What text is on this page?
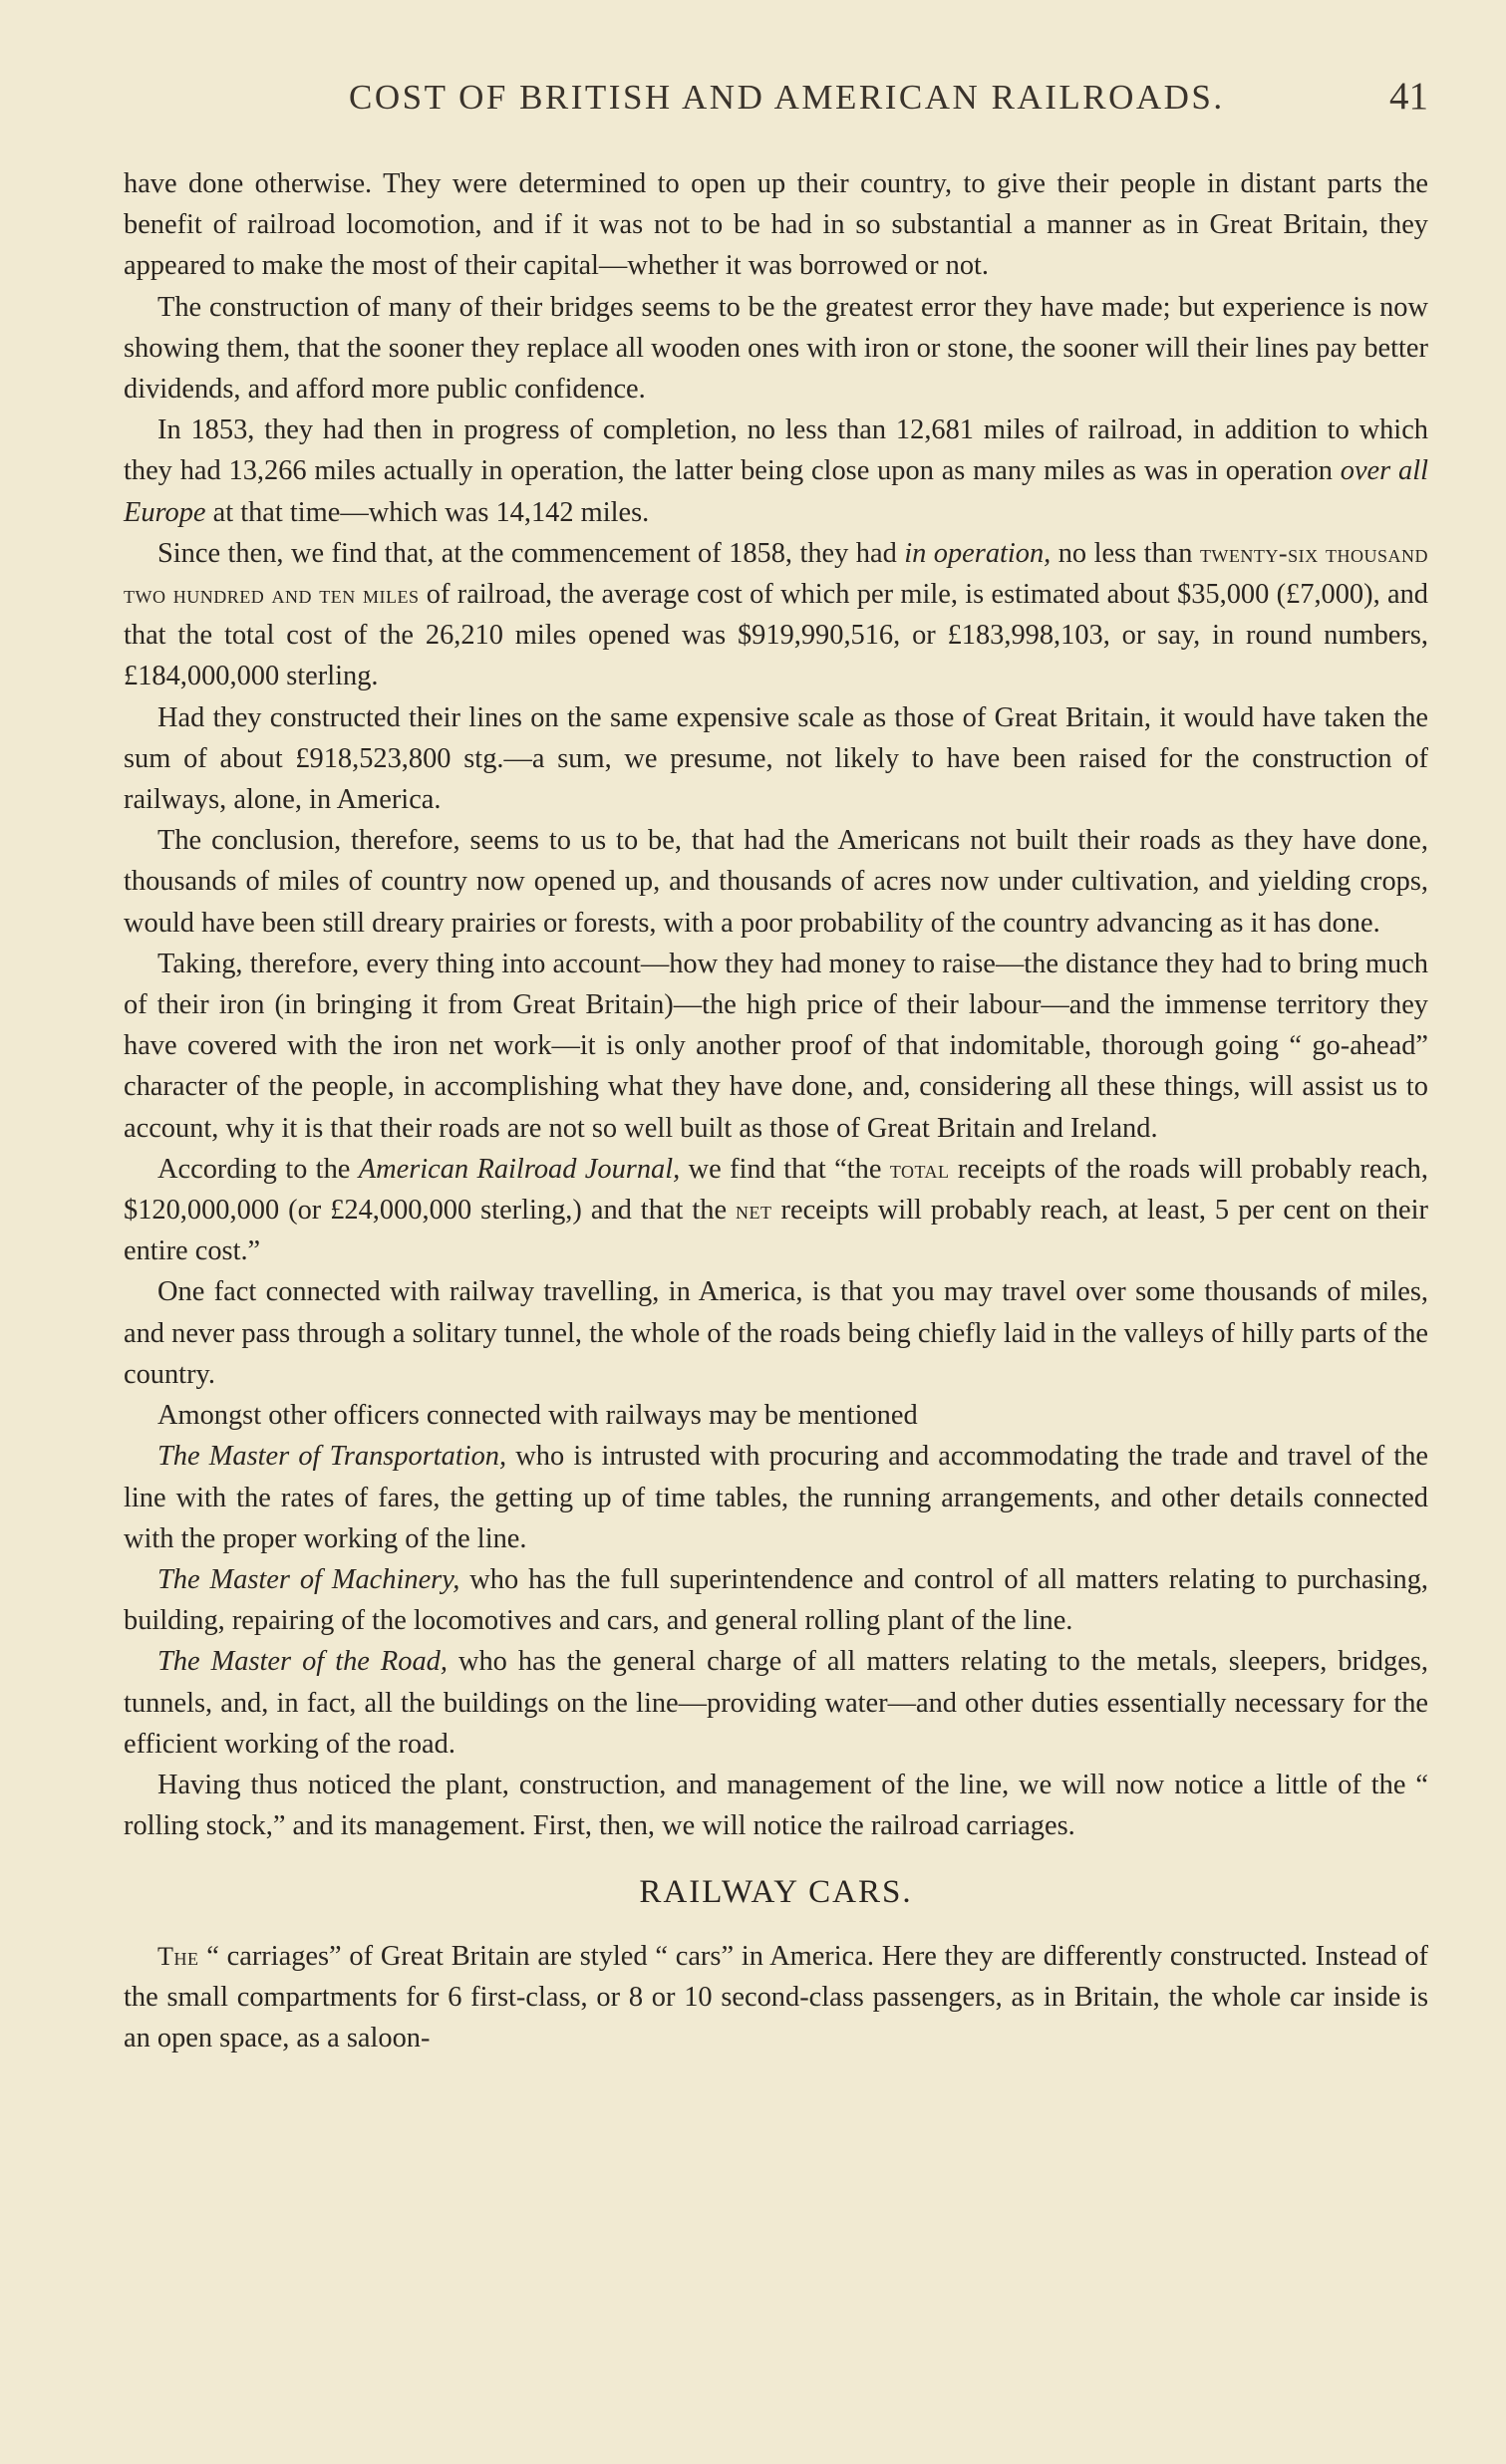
COST OF BRITISH AND AMERICAN RAILROADS.	41

have done otherwise. They were determined to open up their country, to give their people in distant parts the benefit of railroad locomotion, and if it was not to be had in so substantial a manner as in Great Britain, they appeared to make the most of their capital—whether it was borrowed or not.

The construction of many of their bridges seems to be the greatest error they have made; but experience is now showing them, that the sooner they replace all wooden ones with iron or stone, the sooner will their lines pay better dividends, and afford more public confidence.

In 1853, they had then in progress of completion, no less than 12,681 miles of railroad, in addition to which they had 13,266 miles actually in operation, the latter being close upon as many miles as was in operation over all Europe at that time—which was 14,142 miles.

Since then, we find that, at the commencement of 1858, they had in operation, no less than twenty-six thousand two hundred and ten miles of railroad, the average cost of which per mile, is estimated about $35,000 (£7,000), and that the total cost of the 26,210 miles opened was $919,990,516, or £183,998,103, or say, in round numbers, £184,000,000 sterling.

Had they constructed their lines on the same expensive scale as those of Great Britain, it would have taken the sum of about £918,523,800 stg.—a sum, we presume, not likely to have been raised for the construction of railways, alone, in America.

The conclusion, therefore, seems to us to be, that had the Americans not built their roads as they have done, thousands of miles of country now opened up, and thousands of acres now under cultivation, and yielding crops, would have been still dreary prairies or forests, with a poor probability of the country advancing as it has done.

Taking, therefore, every thing into account—how they had money to raise—the distance they had to bring much of their iron (in bringing it from Great Britain)—the high price of their labour—and the immense territory they have covered with the iron net work—it is only another proof of that indomitable, thorough going “ go-ahead” character of the people, in accomplishing what they have done, and, considering all these things, will assist us to account, why it is that their roads are not so well built as those of Great Britain and Ireland.

According to the American Railroad Journal, we find that “the total receipts of the roads will probably reach, $120,000,000 (or £24,000,000 sterling,) and that the net receipts will probably reach, at least, 5 per cent on their entire cost.”

One fact connected with railway travelling, in America, is that you may travel over some thousands of miles, and never pass through a solitary tunnel, the whole of the roads being chiefly laid in the valleys of hilly parts of the country.

Amongst other officers connected with railways may be mentioned

The Master of Transportation, who is intrusted with procuring and accommodating the trade and travel of the line with the rates of fares, the getting up of time tables, the running arrangements, and other details connected with the proper working of the line.

The Master of Machinery, who has the full superintendence and control of all matters relating to purchasing, building, repairing of the locomotives and cars, and general rolling plant of the line.

The Master of the Road, who has the general charge of all matters relating to the metals, sleepers, bridges, tunnels, and, in fact, all the buildings on the line—providing water—and other duties essentially necessary for the efficient working of the road.

Having thus noticed the plant, construction, and management of the line, we will now notice a little of the “ rolling stock,” and its management. First, then, we will notice the railroad carriages.

RAILWAY CARS.

The “ carriages” of Great Britain are styled “ cars” in America. Here they are differently constructed. Instead of the small compartments for 6 first-class, or 8 or 10 second-class passengers, as in Britain, the whole car inside is an open space, as a saloon-
